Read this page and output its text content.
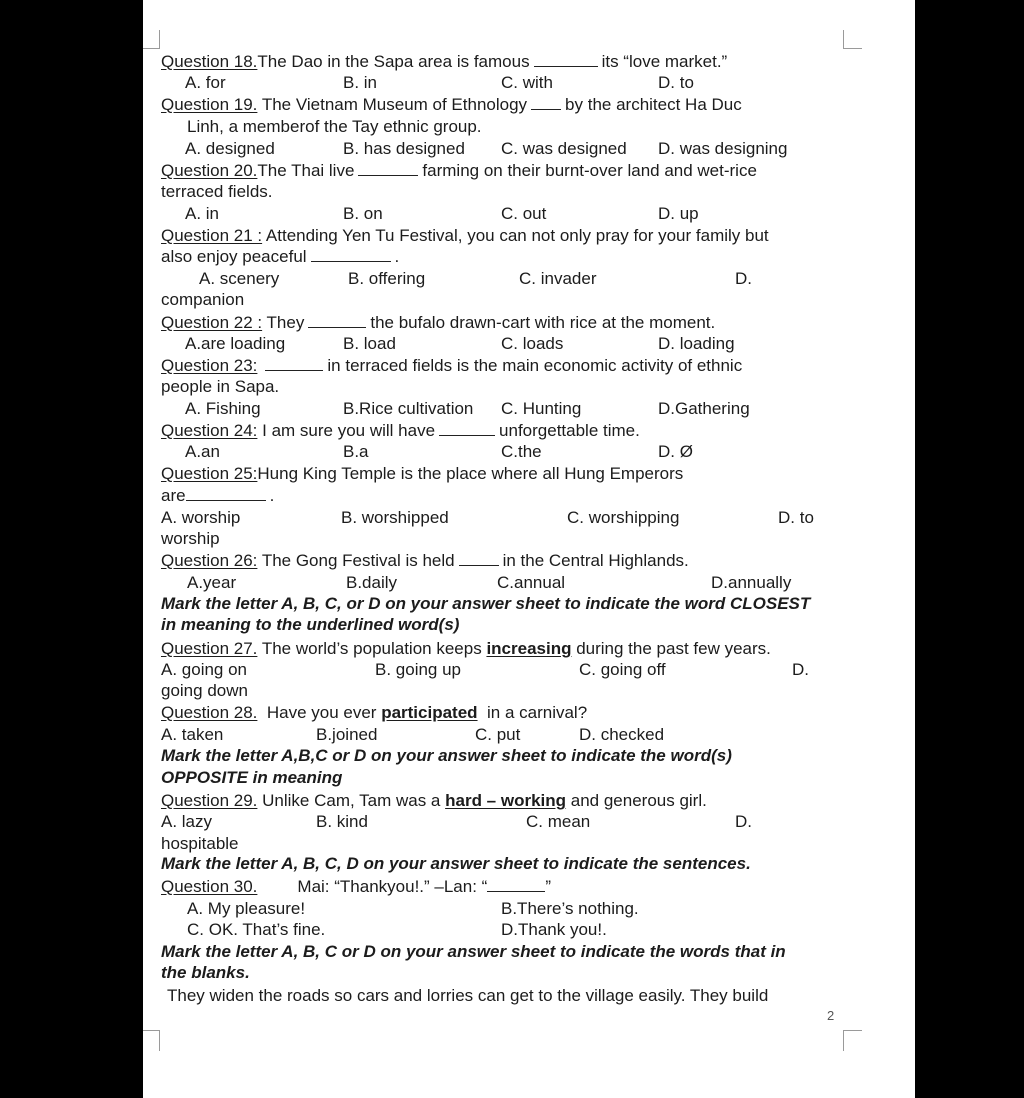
Question 18.The Dao in the Sapa area is famous	its “love market.”
A. for	B. in	C. with	D. to
Question 19. The Vietnam Museum of Ethnology by the architect Ha Duc
Linh, a memberof the Tay ethnic group.
A. designed	B. has designed C. was designed D. was designing
Question 20.The Thai live	farming on their burnt-over land and wet-rice
terraced fields.
A. in	B. on	C. out	D. up
Question 21 : Attending Yen Tu Festival, you can not only pray for your family but
also enjoy peaceful	.
A. scenery	B. offering	C. invader	D.
companion
Question 22 : They	the bufalo drawn-cart with rice at the moment.
A.are loading	B. load	C. loads	D. loading
Question 23:	in terraced fields is the main economic activity of ethnic
people in Sapa.
A. Fishing	B.Rice cultivation C. Hunting	D.Gathering
Question 24: I am sure you will have	unforgettable time.
A.an	B.a	C.the	D. Ø
Question 25:Hung King Temple is the place where all Hung Emperors
are	.
A. worship	B. worshipped	C. worshipping	D. to
worship
Question 26: The Gong Festival is held	in the Central Highlands.
A.year	B.daily	C.annual	D.annually
Mark the letter A, B, C, or D on your answer sheet to indicate the word CLOSEST
in meaning to the underlined word(s)
Question 27. The world’s population keeps increasing during the past few years.
A. going on	B. going up	C. going off	D.
going down
Question 28.  Have you ever participated  in a carnival?
A. taken	B.joined	C. put	D. checked
Mark the letter A,B,C or D on your answer sheet to indicate the word(s)
OPPOSITE in meaning
Question 29. Unlike Cam, Tam was a hard – working and generous girl.
A. lazy	B. kind	C. mean	D.
hospitable
Mark the letter A, B, C, D on your answer sheet to indicate the sentences.
Question 30. Mai: “Thankyou!.” –Lan: “	”
A. My pleasure!	B.There’s nothing.
C. OK. That’s fine.	D.Thank you!.
Mark the letter A, B, C or D on your answer sheet to indicate the words that in
the blanks.
They widen the roads so cars and lorries can get to the village easily. They build
2
